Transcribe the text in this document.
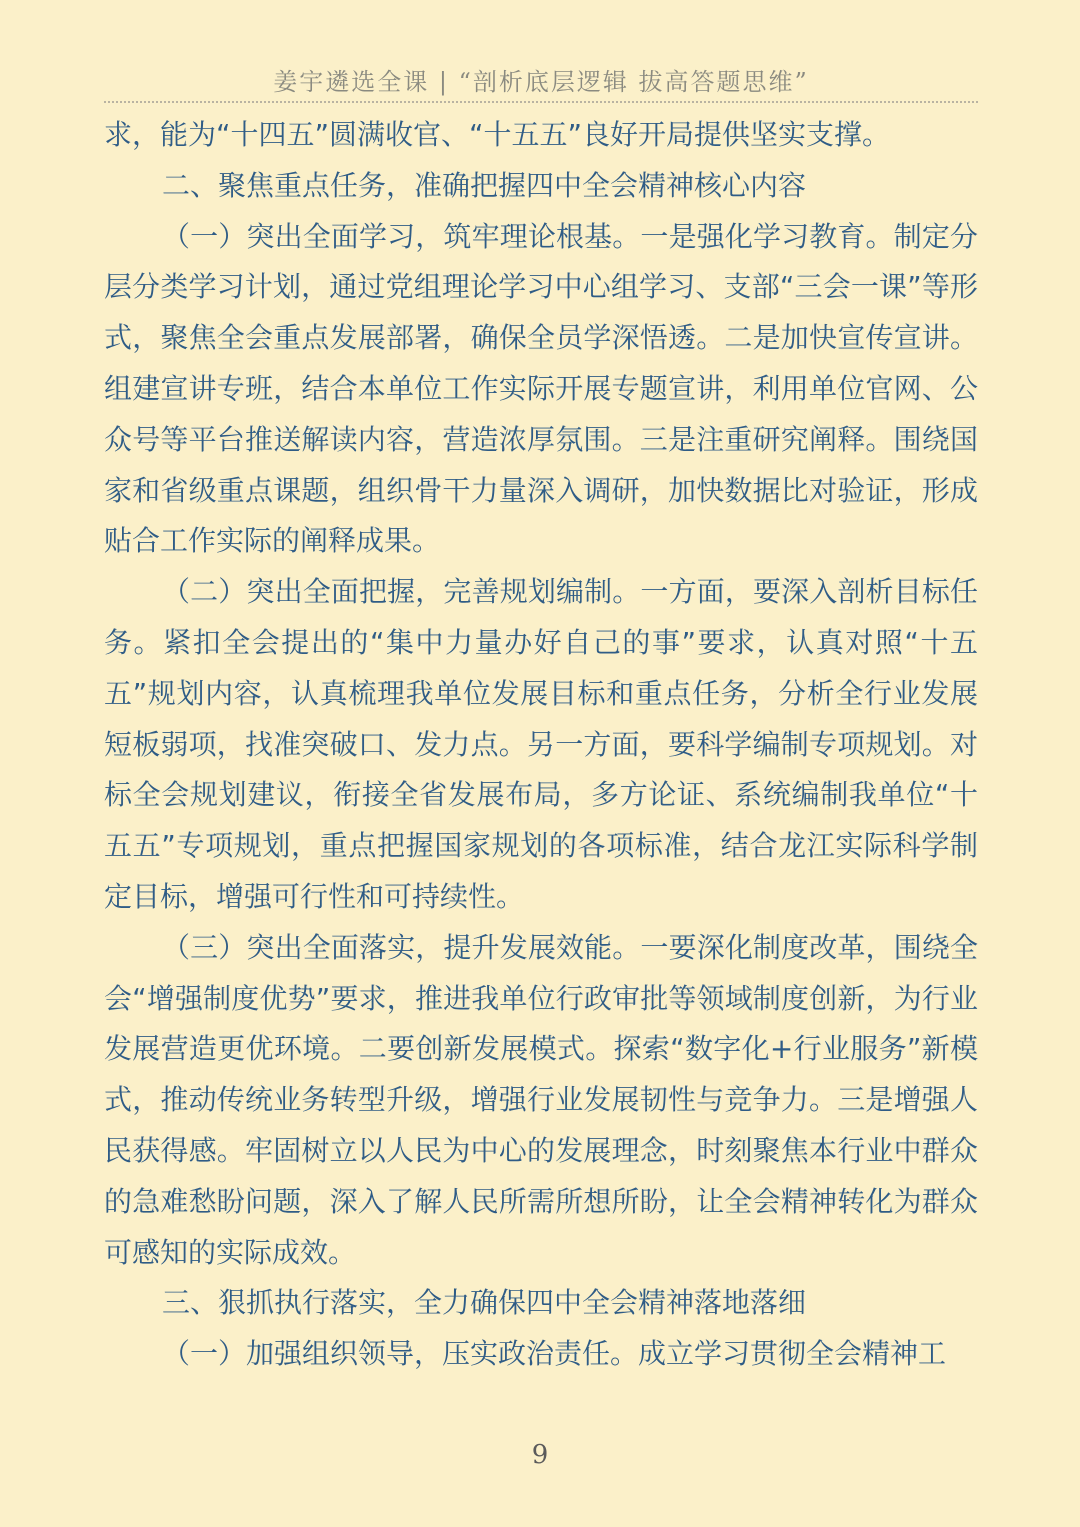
姜宇遴选全课 | “剖析底层逻辑 拔高答题思维”

求，能为“十四五”圆满收官、“十五五”良好开局提供坚实支撑。

二、聚焦重点任务，准确把握四中全会精神核心内容

（一）突出全面学习，筑牢理论根基。一是强化学习教育。制定分层分类学习计划，通过党组理论学习中心组学习、支部“三会一课”等形式，聚焦全会重点发展部署，确保全员学深悟透。二是加快宣传宣讲。组建宣讲专班，结合本单位工作实际开展专题宣讲，利用单位官网、公众号等平台推送解读内容，营造浓厚氛围。三是注重研究阐释。围绕国家和省级重点课题，组织骨干力量深入调研，加快数据比对验证，形成贴合工作实际的阐释成果。

（二）突出全面把握，完善规划编制。一方面，要深入剖析目标任务。紧扣全会提出的“集中力量办好自己的事”要求，认真对照“十五五”规划内容，认真梳理我单位发展目标和重点任务，分析全行业发展短板弱项，找准突破口、发力点。另一方面，要科学编制专项规划。对标全会规划建议，衔接全省发展布局，多方论证、系统编制我单位“十五五”专项规划，重点把握国家规划的各项标准，结合龙江实际科学制定目标，增强可行性和可持续性。

（三）突出全面落实，提升发展效能。一要深化制度改革，围绕全会“增强制度优势”要求，推进我单位行政审批等领域制度创新，为行业发展营造更优环境。二要创新发展模式。探索“数字化+行业服务”新模式，推动传统业务转型升级，增强行业发展韧性与竞争力。三是增强人民获得感。牢固树立以人民为中心的发展理念，时刻聚焦本行业中群众的急难愁盼问题，深入了解人民所需所想所盼，让全会精神转化为群众可感知的实际成效。

三、狠抓执行落实，全力确保四中全会精神落地落细

（一）加强组织领导，压实政治责任。成立学习贯彻全会精神工

9
